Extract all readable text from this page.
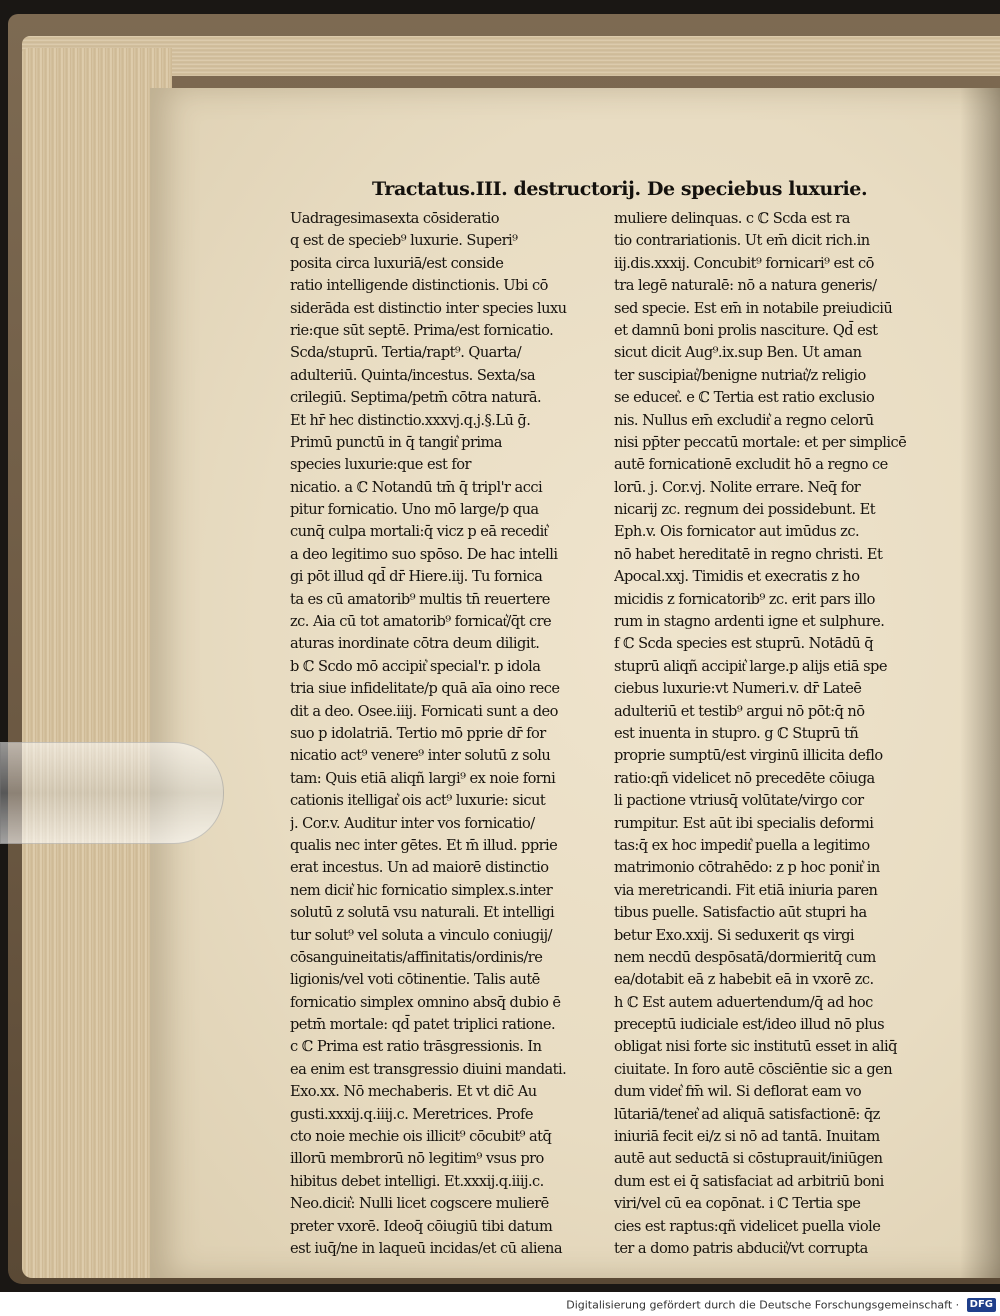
Tractatus.III. destructorij. De speciebus luxurie.
Uadragesimasexta cōsideratio
q est de specieb⁹ luxurie. Superi⁹
posita circa luxuriā/est conside
ratio intelligende distinctionis. Ubi cō
siderāda est distinctio inter species luxu
rie:que sūt septē. Prima/est fornicatio.
Scda/stuprū. Tertia/rapt⁹. Quarta/
adulteriū. Quinta/incestus. Sexta/sa
crilegiū. Septima/petm̄ cōtra naturā.
Et hr̄ hec distinctio.xxxvj.q.j.§.Lū ḡ.
Primū punctū in q̄ tangit͛ prima
species luxurie:que est for
nicatio. a ℂ Notandū tm̄ q̄ tripl'r acci
pitur fornicatio. Uno mō large/p qua
cunq̄ culpa mortali:q̄ vicz p eā recedit͛
a deo legitimo suo spōso. De hac intelli
gi pōt illud qd̄ dr̄ Hiere.iij. Tu fornica
ta es cū amatorib⁹ multis tn̄ reuertere
zc. Aia cū tot amatorib⁹ fornicat͛/q̄t cre
aturas inordinate cōtra deum diligit.
b ℂ Scdo mō accipit͛ special'r. p idola
tria siue infidelitate/p quā aīa oino rece
dit a deo. Osee.iiij. Fornicati sunt a deo
suo p idolatriā. Tertio mō pprie dr̄ for
nicatio act⁹ venere⁹ inter solutū z solu
tam: Quis etiā aliqñ largi⁹ ex noie forni
cationis itelligat͛ ois act⁹ luxurie: sicut
j. Cor.v. Auditur inter vos fornicatio/
qualis nec inter gētes. Et m̄ illud. pprie
erat incestus. Un ad maiorē distinctio
nem dicit͛ hic fornicatio simplex.s.inter
solutū z solutā vsu naturali. Et intelligi
tur solut⁹ vel soluta a vinculo coniugij/
cōsanguineitatis/affinitatis/ordinis/re
ligionis/vel voti cōtinentie. Talis autē
fornicatio simplex omnino absq̄ dubio ē
petm̄ mortale: qd̄ patet triplici ratione.
c ℂ Prima est ratio trāsgressionis. In
ea enim est transgressio diuini mandati.
Exo.xx. Nō mechaberis. Et vt dic̄ Au
gusti.xxxij.q.iiij.c. Meretrices. Profe
cto noie mechie ois illicit⁹ cōcubit⁹ atq̄
illorū membrorū nō legitim⁹ vsus pro
hibitus debet intelligi. Et.xxxij.q.iiij.c.
Neo.dicit͛: Nulli licet cogscere mulierē
preter vxorē. Ideoq̄ cōiugiū tibi datum
est iuq̄/ne in laqueū incidas/et cū aliena
muliere delinquas. c ℂ Scda est ra
tio contrariationis. Ut em̄ dicit rich.in
iij.dis.xxxij. Concubit⁹ fornicari⁹ est cō
tra legē naturalē: nō a natura generis/
sed specie. Est em̄ in notabile preiudiciū
et damnū boni prolis nasciture. Qd̄ est
sicut dicit Aug⁹.ix.sup Ben. Ut aman
ter suscipiat͛/benigne nutriat͛/z religio
se educet͛. e ℂ Tertia est ratio exclusio
nis. Nullus em̄ excludit͛ a regno celorū
nisi pp̄ter peccatū mortale: et per simplicē
autē fornicationē excludit hō a regno ce
lorū. j. Cor.vj. Nolite errare. Neq̄ for
nicarij zc. regnum dei possidebunt. Et
Eph.v. Ois fornicator aut imūdus zc.
nō habet hereditatē in regno christi. Et
Apocal.xxj. Timidis et execratis z ho
micidis z fornicatorib⁹ zc. erit pars illo
rum in stagno ardenti igne et sulphure.
f ℂ Scda species est stuprū. Notādū q̄
stuprū aliqñ accipit͛ large.p alijs etiā spe
ciebus luxurie:vt Numeri.v. dr̄ Lateē
adulteriū et testib⁹ argui nō pōt:q̄ nō
est inuenta in stupro. g ℂ Stuprū tñ
proprie sumptū/est virginū illicita deflo
ratio:qñ videlicet nō precedēte cōiuga
li pactione vtriusq̄ volūtate/virgo cor
rumpitur. Est aūt ibi specialis deformi
tas:q̄ ex hoc impedit͛ puella a legitimo
matrimonio cōtrahēdo: z p hoc ponit͛ in
via meretricandi. Fit etiā iniuria paren
tibus puelle. Satisfactio aūt stupri ha
betur Exo.xxij. Si seduxerit qs virgi
nem necdū despōsatā/dormieritq̄ cum
ea/dotabit eā z habebit eā in vxorē zc.
h ℂ Est autem aduertendum/q̄ ad hoc
preceptū iudiciale est/ideo illud nō plus
obligat nisi forte sic institutū esset in aliq̄
ciuitate. In foro autē cōsciēntie sic a gen
dum videt͛ fm̄ wil. Si deflorat eam vo
lūtariā/tenet͛ ad aliquā satisfactionē: q̄z
iniuriā fecit ei/z si nō ad tantā. Inuitam
autē aut seductā si cōstuprauit/iniūgen
dum est ei q̄ satisfaciat ad arbitriū boni
viri/vel cū ea copōnat. i ℂ Tertia spe
cies est raptus:qñ videlicet puella viole
ter a domo patris abducit͛/vt corrupta
Digitalisierung gefördert durch die Deutsche Forschungsgemeinschaft · DFG
